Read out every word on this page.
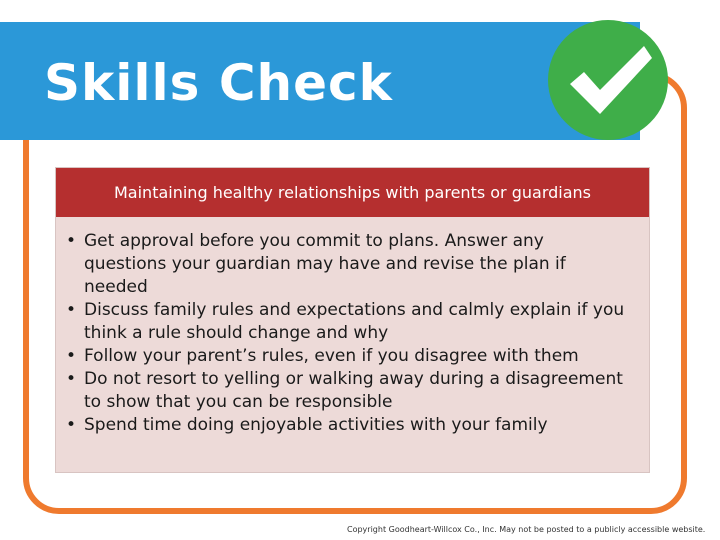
Skills Check
Maintaining healthy relationships with parents or guardians
• Get approval before you commit to plans. Answer any questions your guardian may have and revise the plan if needed
• Discuss family rules and expectations and calmly explain if you think a rule should change and why
• Follow your parent’s rules, even if you disagree with them
• Do not resort to yelling or walking away during a disagreement to show that you can be responsible
• Spend time doing enjoyable activities with your family

Copyright Goodheart-Willcox Co., Inc. May not be posted to a publicly accessible website.
